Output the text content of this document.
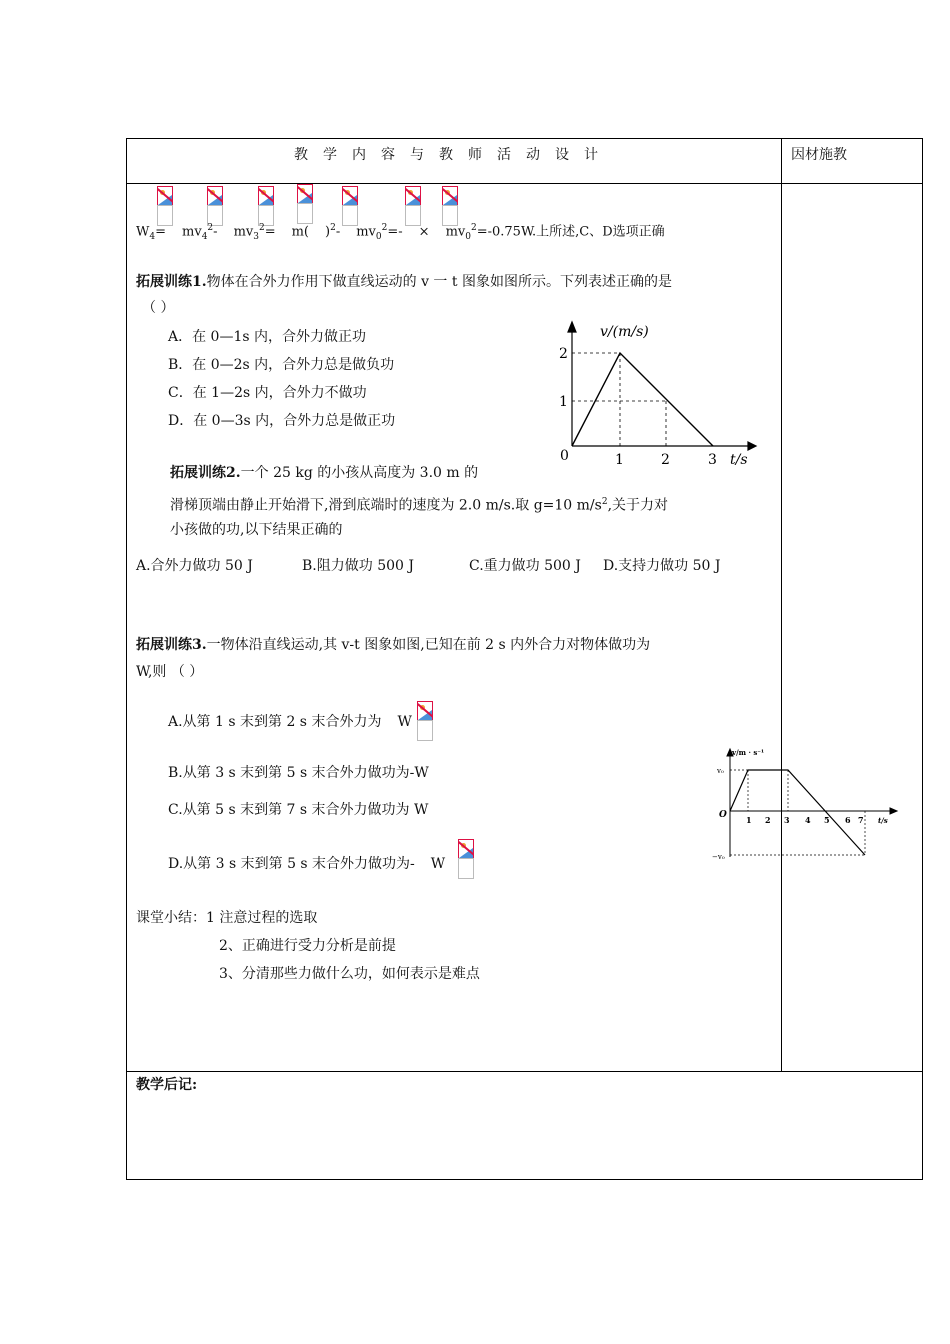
教学内容与教师活动设计	因材施教
$W_4= mv_4^2-$ $mv_3^2= m$( )$^2$- $mv_0^2=- \times mv_0^2=-0.75W$.上所述,C、D选项正确
拓展训练1.物体在合外力作用下做直线运动的 v 一 t 图象如图所示。下列表述正确的是
（ ）
A．在 0—1s 内，合外力做正功
B．在 0—2s 内，合外力总是做负功
C．在 1—2s 内，合外力不做功
D．在 0—3s 内，合外力总是做正功
v/(m/s)
t/s
0
1
2
1	2	3
拓展训练2.一个 25 kg 的小孩从高度为 3.0 m 的
滑梯顶端由静止开始滑下,滑到底端时的速度为 2.0 m/s.取 g=10 $m/s^2$,关于力对
小孩做的功,以下结果正确的
A.合外力做功 50 J	B.阻力做功 500 J	C.重力做功 500 J D.支持力做功 50 J
拓展训练3.一物体沿直线运动,其 v-t 图象如图,已知在前 2 s 内外合力对物体做功为
W,则 （ ）
A.从第 1 s 末到第 2 s 末合外力为 W
B.从第 3 s 末到第 5 s 末合外力做功为-W
C.从第 5 s 末到第 7 s 末合外力做功为 W
D.从第 3 s 末到第 5 s 末合外力做功为- W
v/m · s⁻¹
t/s
O
v₀
−v₀
1 2 3 4 5 6 7
课堂小结：1 注意过程的选取
2、正确进行受力分析是前提
3、分清那些力做什么功，如何表示是难点
教学后记:
